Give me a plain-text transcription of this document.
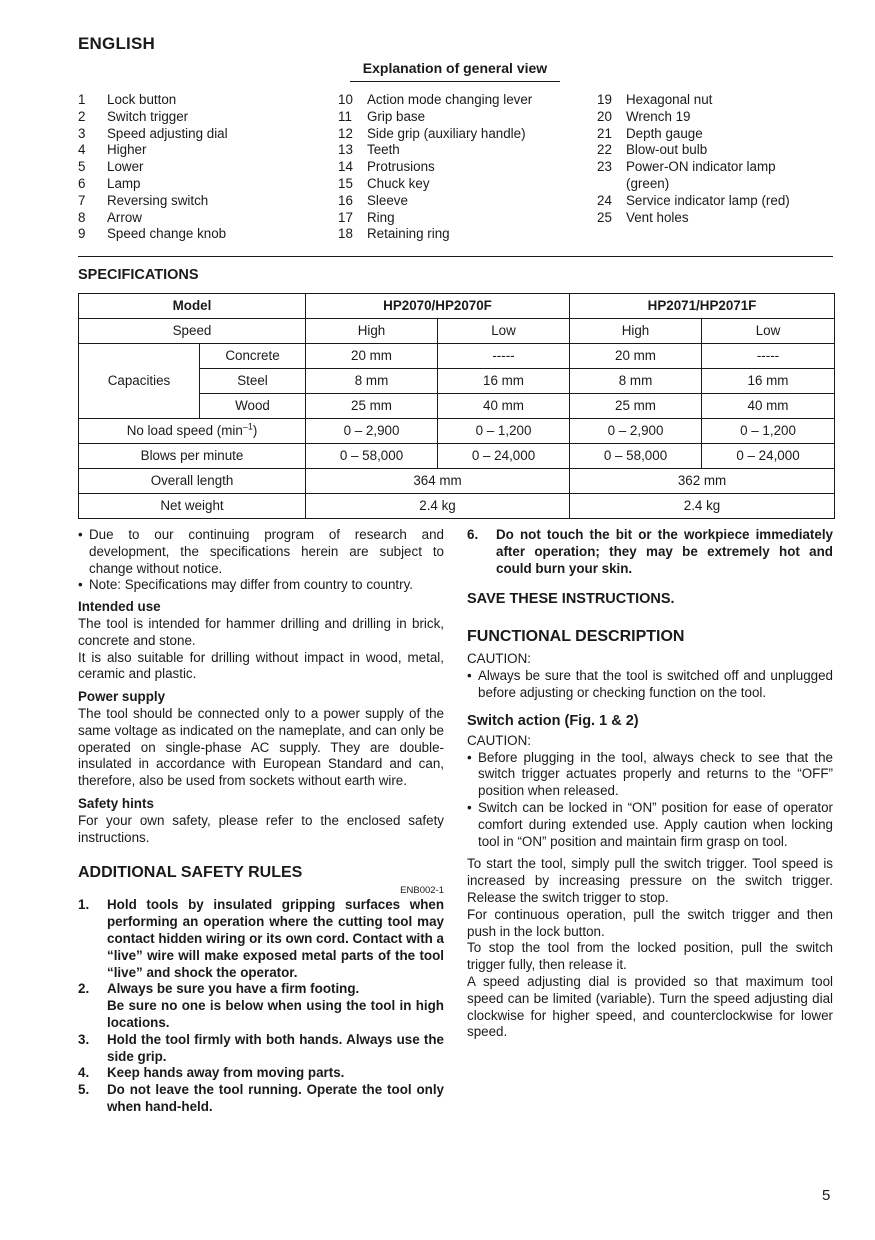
ENGLISH
Explanation of general view
1	Lock button
2	Switch trigger
3	Speed adjusting dial
4	Higher
5	Lower
6	Lamp
7	Reversing switch
8	Arrow
9	Speed change knob
10	Action mode changing lever
11	Grip base
12	Side grip (auxiliary handle)
13	Teeth
14	Protrusions
15	Chuck key
16	Sleeve
17	Ring
18	Retaining ring
19	Hexagonal nut
20	Wrench 19
21	Depth gauge
22	Blow-out bulb
23	Power-ON indicator lamp
(green)
24	Service indicator lamp (red)
25	Vent holes
SPECIFICATIONS
Model		HP2070/HP2070F		HP2071/HP2071F	
Speed		High	Low	High	Low
Capacities	Concrete	20 mm	-----	20 mm	-----
	Steel	8 mm	16 mm	8 mm	16 mm
	Wood	25 mm	40 mm	25 mm	40 mm
No load speed $(\min^{-1})$		0 – 2,900	0 – 1,200	0 – 2,900	0 – 1,200
Blows per minute		0 – 58,000	0 – 24,000	0 – 58,000	0 – 24,000
Overall length		364 mm		362 mm	
Net weight		2.4 kg		2.4 kg	
• Due to our continuing program of research and development, the specifications herein are subject to change without notice.
• Note: Specifications may differ from country to country.
Intended use
The tool is intended for hammer drilling and drilling in brick, concrete and stone.
It is also suitable for drilling without impact in wood, metal, ceramic and plastic.
Power supply
The tool should be connected only to a power supply of the same voltage as indicated on the nameplate, and can only be operated on single-phase AC supply. They are double-insulated in accordance with European Standard and can, therefore, also be used from sockets without earth wire.
Safety hints
For your own safety, please refer to the enclosed safety instructions.
ADDITIONAL SAFETY RULES
ENB002-1
1.	Hold tools by insulated gripping surfaces when performing an operation where the cutting tool may contact hidden wiring or its own cord. Contact with a “live” wire will make exposed metal parts of the tool “live” and shock the operator.
2.	Always be sure you have a firm footing.
Be sure no one is below when using the tool in high locations.
3.	Hold the tool firmly with both hands. Always use the side grip.
4.	Keep hands away from moving parts.
5.	Do not leave the tool running. Operate the tool only when hand-held.
6.	Do not touch the bit or the workpiece immediately after operation; they may be extremely hot and could burn your skin.
SAVE THESE INSTRUCTIONS.
FUNCTIONAL DESCRIPTION
CAUTION:
• Always be sure that the tool is switched off and unplugged before adjusting or checking function on the tool.
Switch action (Fig. 1 & 2)
CAUTION:
• Before plugging in the tool, always check to see that the switch trigger actuates properly and returns to the “OFF” position when released.
• Switch can be locked in “ON” position for ease of operator comfort during extended use. Apply caution when locking tool in “ON” position and maintain firm grasp on tool.
To start the tool, simply pull the switch trigger. Tool speed is increased by increasing pressure on the switch trigger. Release the switch trigger to stop.
For continuous operation, pull the switch trigger and then push in the lock button.
To stop the tool from the locked position, pull the switch trigger fully, then release it.
A speed adjusting dial is provided so that maximum tool speed can be limited (variable). Turn the speed adjusting dial clockwise for higher speed, and counterclockwise for lower speed.
5
